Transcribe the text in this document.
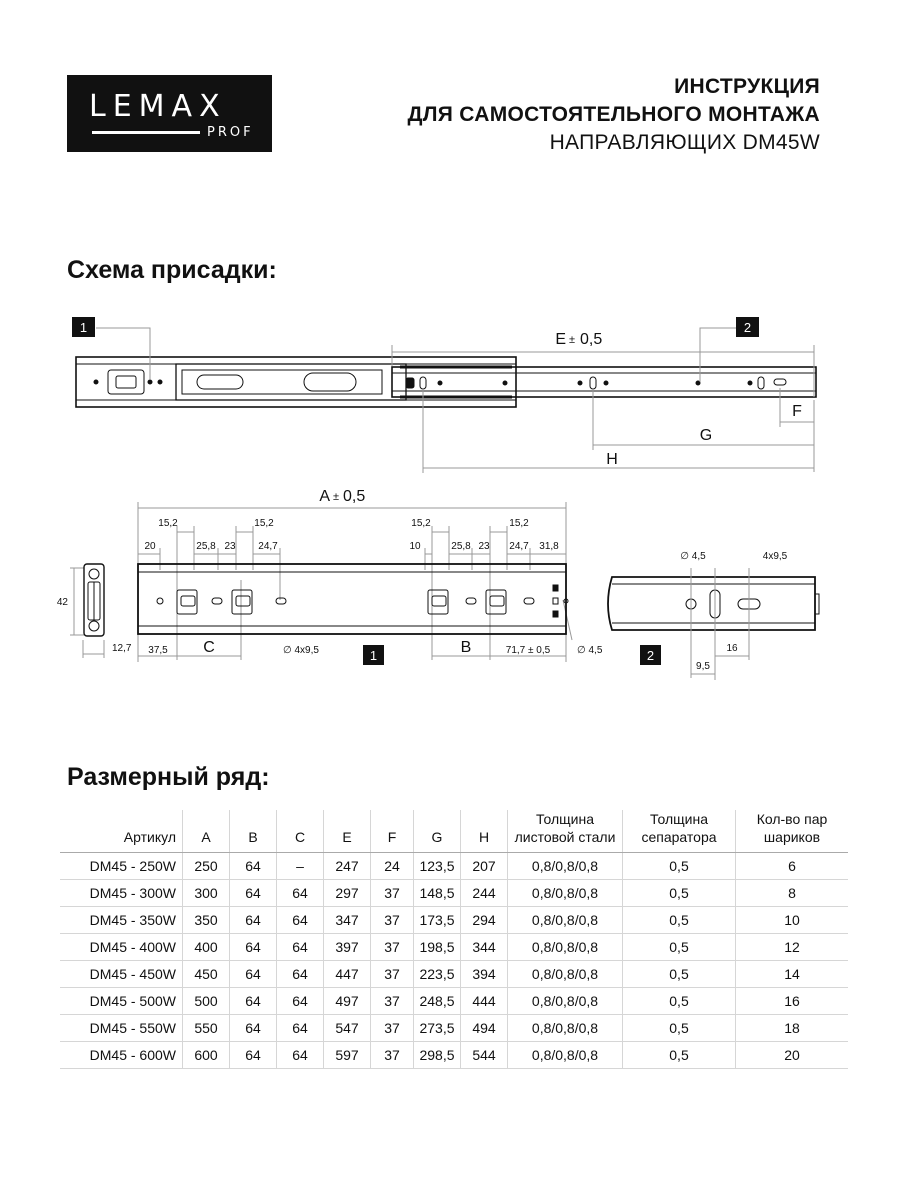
LEMAX
PROF
ИНСТРУКЦИЯ
ДЛЯ САМОСТОЯТЕЛЬНОГО МОНТАЖА
НАПРАВЛЯЮЩИХ DM45W
Схема присадки:
1	2
E ± 0,5
F
G
H
A ± 0,5
15,2	15,2	15,2	15,2
20	25,8 23 24,7	10	25,8 23 24,7 31,8
42
12,7 37,5	∅ 4x9,5	71,7 ± 0,5	∅ 4,5
C	B
1
∅ 4,5	4x9,5
9,5
16
2
Размерный ряд:
Артикул	A	B	C	E	F	G	H	Толщина листовой стали	Толщина сепаратора	Кол-во пар шариков
DM45 - 250W	250	64	–	247	24	123,5	207	0,8/0,8/0,8	0,5	6
DM45 - 300W	300	64	64	297	37	148,5	244	0,8/0,8/0,8	0,5	8
DM45 - 350W	350	64	64	347	37	173,5	294	0,8/0,8/0,8	0,5	10
DM45 - 400W	400	64	64	397	37	198,5	344	0,8/0,8/0,8	0,5	12
DM45 - 450W	450	64	64	447	37	223,5	394	0,8/0,8/0,8	0,5	14
DM45 - 500W	500	64	64	497	37	248,5	444	0,8/0,8/0,8	0,5	16
DM45 - 550W	550	64	64	547	37	273,5	494	0,8/0,8/0,8	0,5	18
DM45 - 600W	600	64	64	597	37	298,5	544	0,8/0,8/0,8	0,5	20
